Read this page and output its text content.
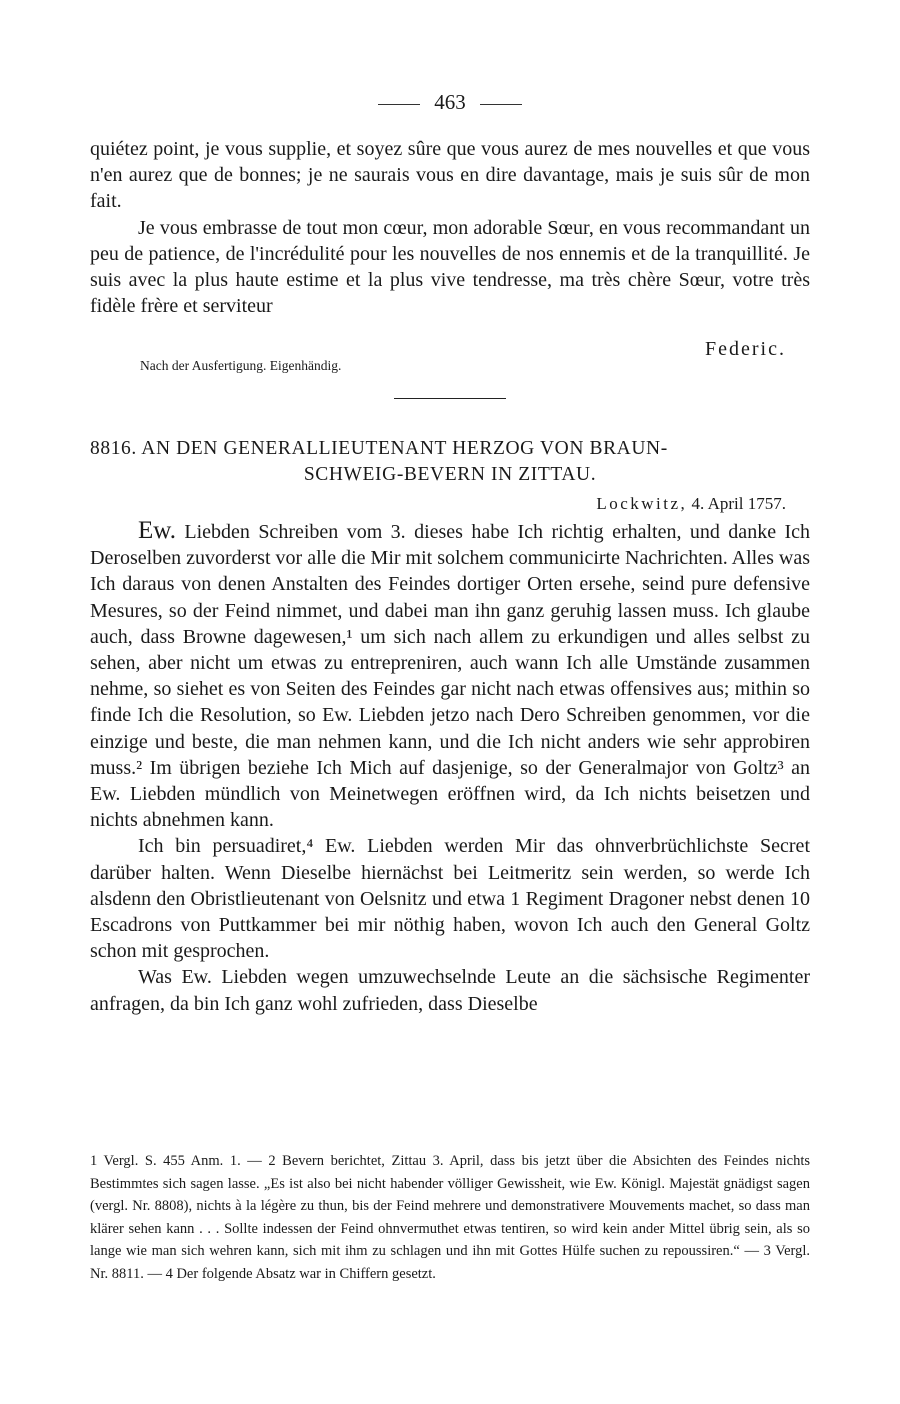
463

quiétez point, je vous supplie, et soyez sûre que vous aurez de mes nouvelles et que vous n'en aurez que de bonnes; je ne saurais vous en dire davantage, mais je suis sûr de mon fait.

Je vous embrasse de tout mon cœur, mon adorable Sœur, en vous recommandant un peu de patience, de l'incrédulité pour les nouvelles de nos ennemis et de la tranquillité. Je suis avec la plus haute estime et la plus vive tendresse, ma très chère Sœur, votre très fidèle frère et serviteur

Federic.
Nach der Ausfertigung. Eigenhändig.
8816. AN DEN GENERALLIEUTENANT HERZOG VON BRAUN-
SCHWEIG-BEVERN IN ZITTAU.
Lockwitz, 4. April 1757.

Ew. Liebden Schreiben vom 3. dieses habe Ich richtig erhalten, und danke Ich Deroselben zuvorderst vor alle die Mir mit solchem communicirte Nachrichten. Alles was Ich daraus von denen Anstalten des Feindes dortiger Orten ersehe, seind pure defensive Mesures, so der Feind nimmet, und dabei man ihn ganz geruhig lassen muss. Ich glaube auch, dass Browne dagewesen,¹ um sich nach allem zu erkundigen und alles selbst zu sehen, aber nicht um etwas zu entrepreniren, auch wann Ich alle Umstände zusammen nehme, so siehet es von Seiten des Feindes gar nicht nach etwas offensives aus; mithin so finde Ich die Resolution, so Ew. Liebden jetzo nach Dero Schreiben genommen, vor die einzige und beste, die man nehmen kann, und die Ich nicht anders wie sehr approbiren muss.² Im übrigen beziehe Ich Mich auf dasjenige, so der Generalmajor von Goltz³ an Ew. Liebden mündlich von Meinetwegen eröffnen wird, da Ich nichts beisetzen und nichts abnehmen kann.

Ich bin persuadiret,⁴ Ew. Liebden werden Mir das ohnverbrüchlichste Secret darüber halten. Wenn Dieselbe hiernächst bei Leitmeritz sein werden, so werde Ich alsdenn den Obristlieutenant von Oelsnitz und etwa 1 Regiment Dragoner nebst denen 10 Escadrons von Puttkammer bei mir nöthig haben, wovon Ich auch den General Goltz schon mit gesprochen.

Was Ew. Liebden wegen umzuwechselnde Leute an die sächsische Regimenter anfragen, da bin Ich ganz wohl zufrieden, dass Dieselbe

1 Vergl. S. 455 Anm. 1. — 2 Bevern berichtet, Zittau 3. April, dass bis jetzt über die Absichten des Feindes nichts Bestimmtes sich sagen lasse. „Es ist also bei nicht habender völliger Gewissheit, wie Ew. Königl. Majestät gnädigst sagen (vergl. Nr. 8808), nichts à la légère zu thun, bis der Feind mehrere und demonstrativere Mouvements machet, so dass man klärer sehen kann . . . Sollte indessen der Feind ohnvermuthet etwas tentiren, so wird kein ander Mittel übrig sein, als so lange wie man sich wehren kann, sich mit ihm zu schlagen und ihn mit Gottes Hülfe suchen zu repoussiren.“ — 3 Vergl. Nr. 8811. — 4 Der folgende Absatz war in Chiffern gesetzt.
